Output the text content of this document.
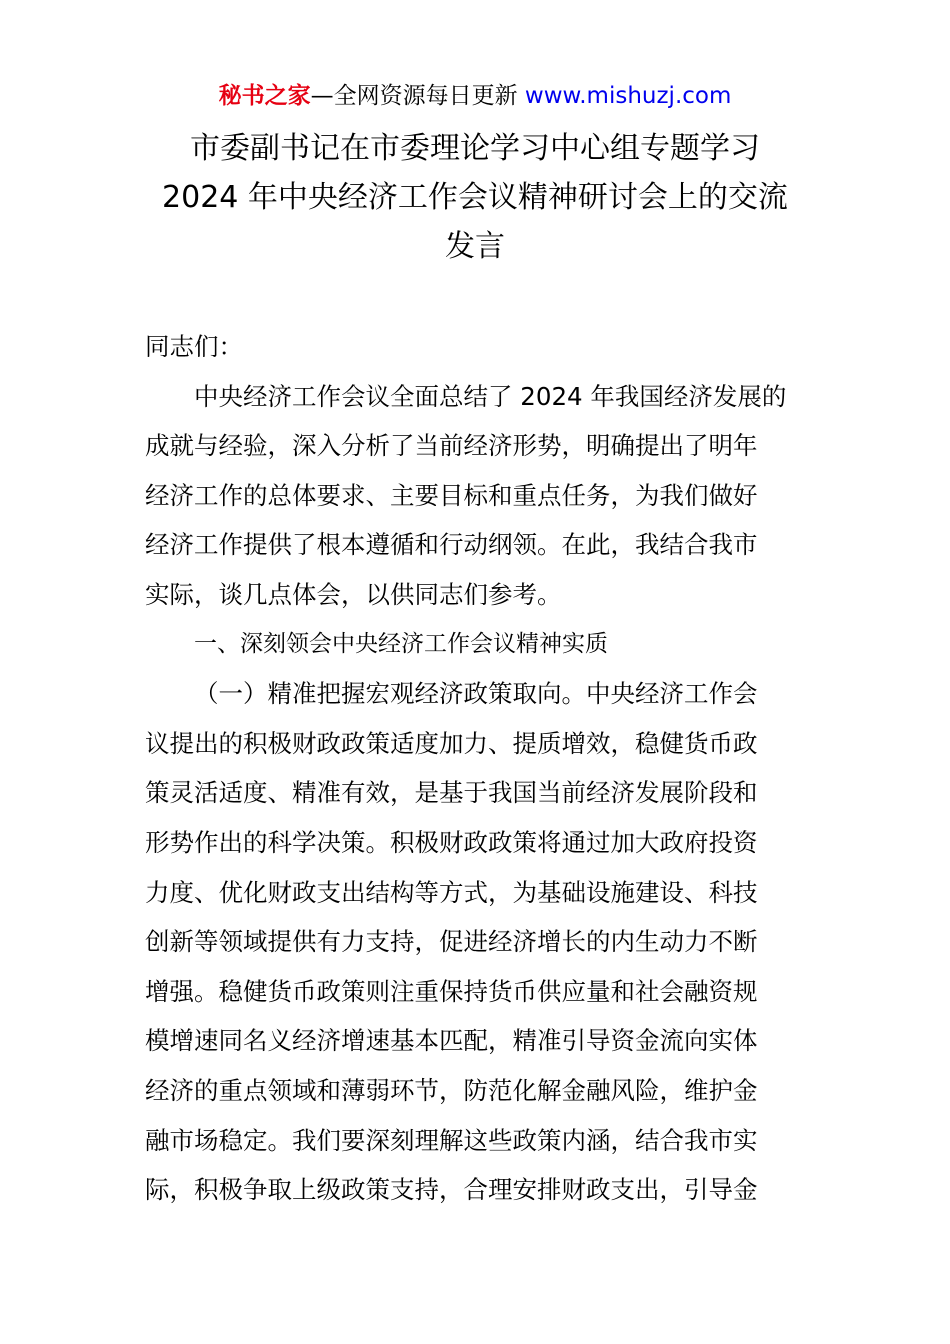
秘书之家—全网资源每日更新 www.mishuzj.com
市委副书记在市委理论学习中心组专题学习
2024 年中央经济工作会议精神研讨会上的交流
发言
同志们：
中央经济工作会议全面总结了 2024 年我国经济发展的
成就与经验，深入分析了当前经济形势，明确提出了明年
经济工作的总体要求、主要目标和重点任务，为我们做好
经济工作提供了根本遵循和行动纲领。在此，我结合我市
实际，谈几点体会，以供同志们参考。
一、深刻领会中央经济工作会议精神实质
（一）精准把握宏观经济政策取向。中央经济工作会
议提出的积极财政政策适度加力、提质增效，稳健货币政
策灵活适度、精准有效，是基于我国当前经济发展阶段和
形势作出的科学决策。积极财政政策将通过加大政府投资
力度、优化财政支出结构等方式，为基础设施建设、科技
创新等领域提供有力支持，促进经济增长的内生动力不断
增强。稳健货币政策则注重保持货币供应量和社会融资规
模增速同名义经济增速基本匹配，精准引导资金流向实体
经济的重点领域和薄弱环节，防范化解金融风险，维护金
融市场稳定。我们要深刻理解这些政策内涵，结合我市实
际，积极争取上级政策支持，合理安排财政支出，引导金
